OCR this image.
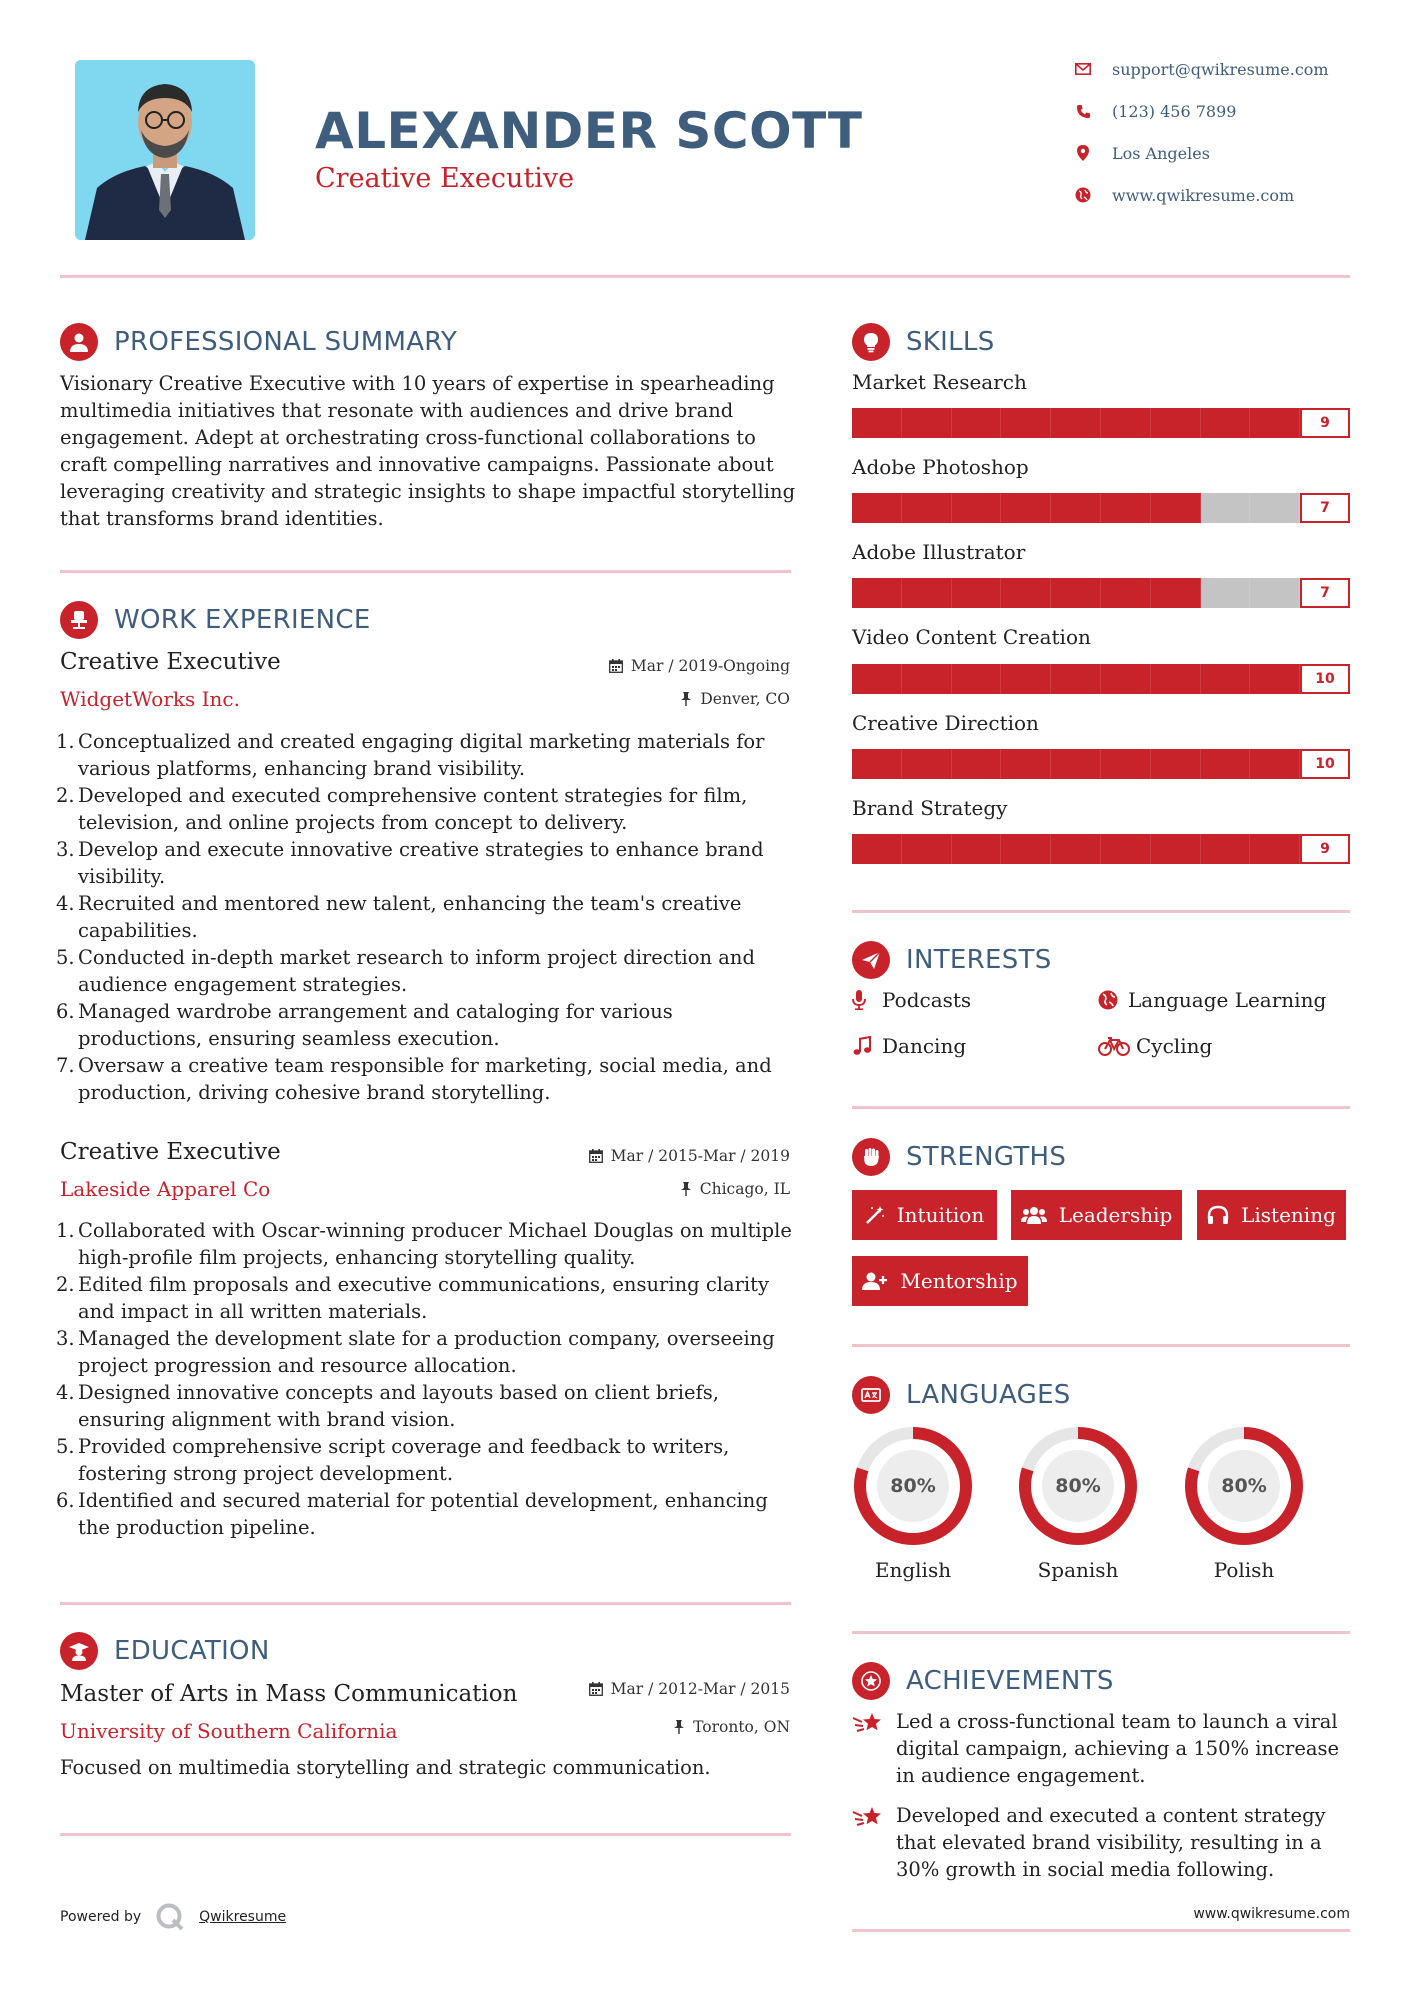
ALEXANDER SCOTT
Creative Executive
support@qwikresume.com
(123) 456 7899
Los Angeles
www.qwikresume.com
PROFESSIONAL SUMMARY
Visionary Creative Executive with 10 years of expertise in spearheading multimedia initiatives that resonate with audiences and drive brand engagement. Adept at orchestrating cross-functional collaborations to craft compelling narratives and innovative campaigns. Passionate about leveraging creativity and strategic insights to shape impactful storytelling that transforms brand identities.
WORK EXPERIENCE
Creative Executive	Mar / 2019-Ongoing
WidgetWorks Inc.	Denver, CO
1. Conceptualized and created engaging digital marketing materials for various platforms, enhancing brand visibility.
2. Developed and executed comprehensive content strategies for film, television, and online projects from concept to delivery.
3. Develop and execute innovative creative strategies to enhance brand visibility.
4. Recruited and mentored new talent, enhancing the team's creative capabilities.
5. Conducted in-depth market research to inform project direction and audience engagement strategies.
6. Managed wardrobe arrangement and cataloging for various productions, ensuring seamless execution.
7. Oversaw a creative team responsible for marketing, social media, and production, driving cohesive brand storytelling.
Creative Executive	Mar / 2015-Mar / 2019
Lakeside Apparel Co	Chicago, IL
1. Collaborated with Oscar-winning producer Michael Douglas on multiple high-profile film projects, enhancing storytelling quality.
2. Edited film proposals and executive communications, ensuring clarity and impact in all written materials.
3. Managed the development slate for a production company, overseeing project progression and resource allocation.
4. Designed innovative concepts and layouts based on client briefs, ensuring alignment with brand vision.
5. Provided comprehensive script coverage and feedback to writers, fostering strong project development.
6. Identified and secured material for potential development, enhancing the production pipeline.
EDUCATION
Master of Arts in Mass Communication	Mar / 2012-Mar / 2015
University of Southern California	Toronto, ON
Focused on multimedia storytelling and strategic communication.
SKILLS
Market Research
9
Adobe Photoshop
7
Adobe Illustrator
7
Video Content Creation
10
Creative Direction
10
Brand Strategy
9
INTERESTS
Podcasts	Language Learning
Dancing	Cycling
STRENGTHS
Intuition	Leadership	Listening
Mentorship
LANGUAGES
80%
English
80%
Spanish
80%
Polish
ACHIEVEMENTS
Led a cross-functional team to launch a viral digital campaign, achieving a 150% increase in audience engagement.
Developed and executed a content strategy that elevated brand visibility, resulting in a 30% growth in social media following.
Powered by	Qwikresume	www.qwikresume.com
